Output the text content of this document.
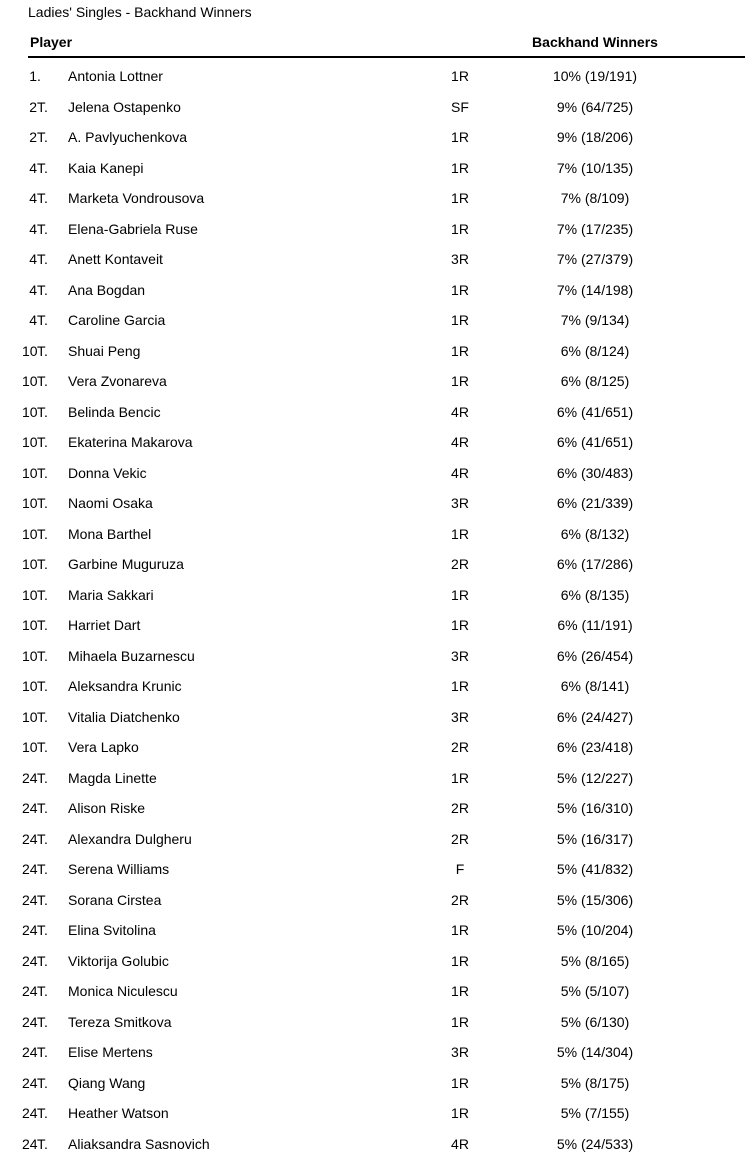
Ladies' Singles - Backhand Winners
Player	Backhand Winners
1 . Antonia Lottner	1R	10% (19/191)
2 T. Jelena Ostapenko	SF	9% (64/725)
2 T. A. Pavlyuchenkova	1R	9% (18/206)
4 T. Kaia Kanepi	1R	7% (10/135)
4 T. Marketa Vondrousova	1R	7% (8/109)
4 T. Elena-Gabriela Ruse	1R	7% (17/235)
4 T. Anett Kontaveit	3R	7% (27/379)
4 T. Ana Bogdan	1R	7% (14/198)
4 T. Caroline Garcia	1R	7% (9/134)
10 T. Shuai Peng	1R	6% (8/124)
10 T. Vera Zvonareva	1R	6% (8/125)
10 T. Belinda Bencic	4R	6% (41/651)
10 T. Ekaterina Makarova	4R	6% (41/651)
10 T. Donna Vekic	4R	6% (30/483)
10 T. Naomi Osaka	3R	6% (21/339)
10 T. Mona Barthel	1R	6% (8/132)
10 T. Garbine Muguruza	2R	6% (17/286)
10 T. Maria Sakkari	1R	6% (8/135)
10 T. Harriet Dart	1R	6% (11/191)
10 T. Mihaela Buzarnescu	3R	6% (26/454)
10 T. Aleksandra Krunic	1R	6% (8/141)
10 T. Vitalia Diatchenko	3R	6% (24/427)
10 T. Vera Lapko	2R	6% (23/418)
24 T. Magda Linette	1R	5% (12/227)
24 T. Alison Riske	2R	5% (16/310)
24 T. Alexandra Dulgheru	2R	5% (16/317)
24 T. Serena Williams	F	5% (41/832)
24 T. Sorana Cirstea	2R	5% (15/306)
24 T. Elina Svitolina	1R	5% (10/204)
24 T. Viktorija Golubic	1R	5% (8/165)
24 T. Monica Niculescu	1R	5% (5/107)
24 T. Tereza Smitkova	1R	5% (6/130)
24 T. Elise Mertens	3R	5% (14/304)
24 T. Qiang Wang	1R	5% (8/175)
24 T. Heather Watson	1R	5% (7/155)
24 T. Aliaksandra Sasnovich	4R	5% (24/533)
